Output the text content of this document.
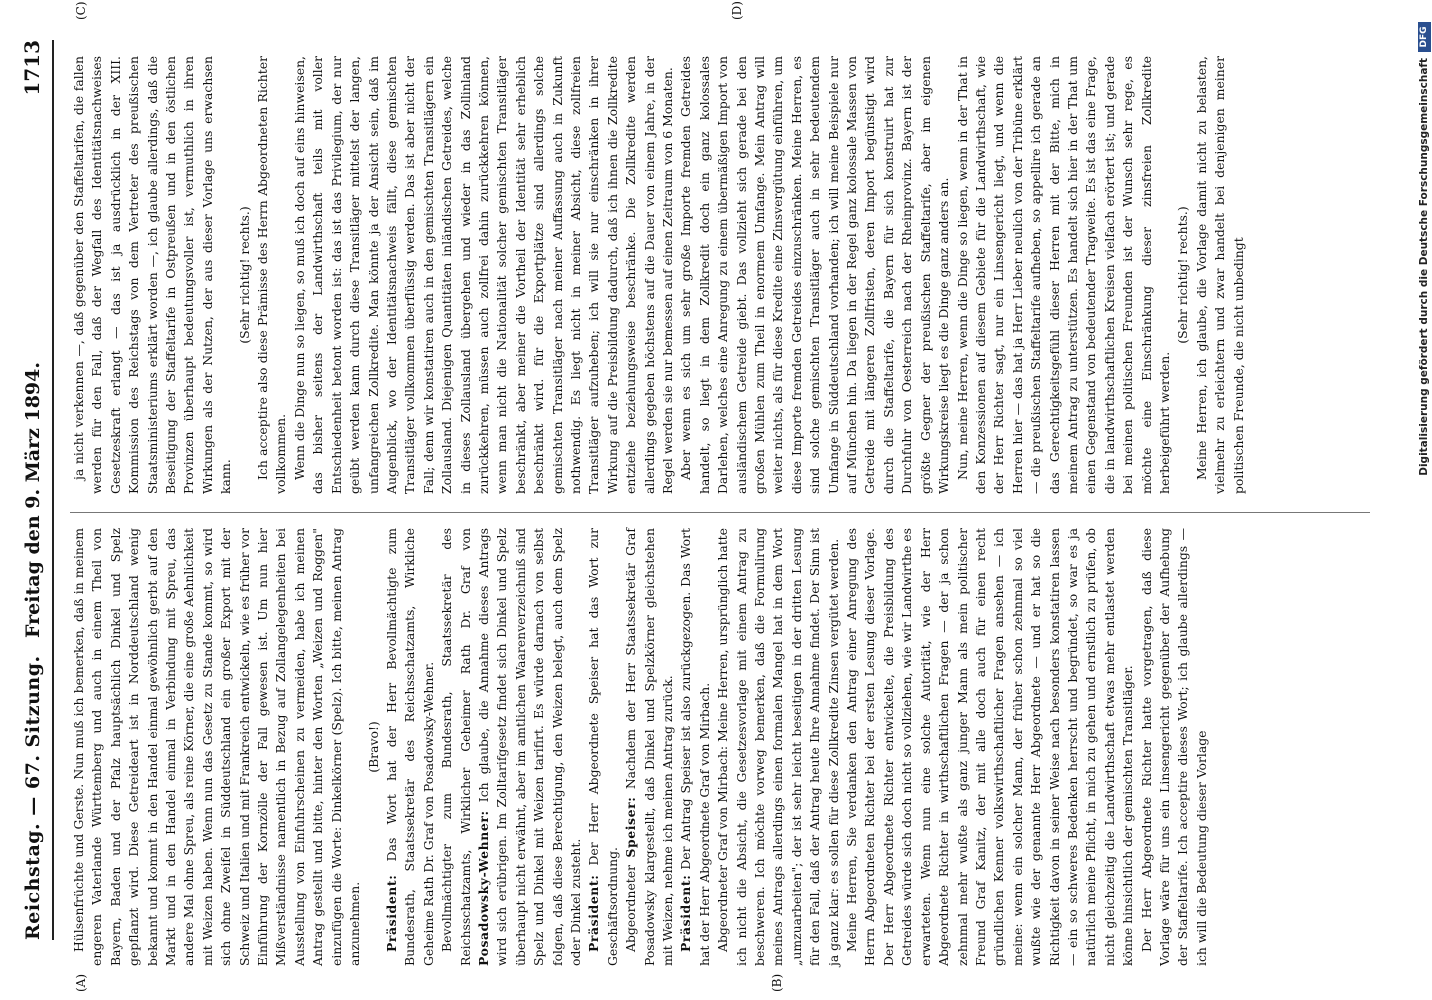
Reichstag. — 67. Sitzung.
Freitag den 9. März 1894.
1713
(A)	(B)
(C)	(D)

Hülsenfrüchte und Gerste. Nun muß ich bemerken, daß in meinem engeren Vaterlande Württemberg und auch in einem Theil von Bayern, Baden und der Pfalz hauptsächlich Dinkel und Spelz gepflanzt wird. Diese Getreideart ist in Norddeutschland wenig bekannt und kommt in den Handel einmal gewöhnlich gerbt auf den Markt und in den Handel einmal in Verbindung mit Spreu, das andere Mal ohne Spreu, als reine Körner, die eine große Aehnlichkeit mit Weizen haben. Wenn nun das Gesetz zu Stande kommt, so wird sich ohne Zweifel in Süddeutschland ein großer Export mit der Schweiz und Italien und mit Frankreich entwickeln, wie es früher vor Einführung der Kornzölle der Fall gewesen ist. Um nun hier Mißverständnisse namentlich in Bezug auf Zollangelegenheiten bei Ausstellung von Einfuhrscheinen zu vermeiden, habe ich meinen Antrag gestellt und bitte, hinter den Worten „Weizen und Roggen" einzufügen die Worte: Dinkelkörner (Spelz). Ich bitte, meinen Antrag anzunehmen.

(Bravo!)

Präsident: Das Wort hat der Herr Bevollmächtigte zum Bundesrath, Staatssekretär des Reichsschatzamts, Wirkliche Geheime Rath Dr. Graf von Posadowsky-Wehner. Bevollmächtigter zum Bundesrath, Staatssekretär des Reichsschatzamts, Wirklicher Geheimer Rath Dr. Graf von Posadowsky-Wehner: Ich glaube, die Annahme dieses Antrags wird sich erübrigen. Im Zolltarifgesetz findet sich Dinkel und Spelz überhaupt nicht erwähnt, aber im amtlichen Waarenverzeichniß sind Spelz und Dinkel mit Weizen tarifirt. Es würde darnach von selbst folgen, daß diese Berechtigung, den Weizen belegt, auch dem Spelz oder Dinkel zusteht. Präsident: Der Herr Abgeordnete Speiser hat das Wort zur Geschäftsordnung. Abgeordneter Speiser: Nachdem der Herr Staatssekretär Graf Posadowsky klargestellt, daß Dinkel und Spelzkörner gleichstehen mit Weizen, nehme ich meinen Antrag zurück. Präsident: Der Antrag Speiser ist also zurückgezogen. Das Wort hat der Herr Abgeordnete Graf von Mirbach. Abgeordneter Graf von Mirbach: Meine Herren, ursprünglich hatte ich nicht die Absicht, die Gesetzesvorlage mit einem Antrag zu beschweren. Ich möchte vorweg bemerken, daß die Formulirung meines Antrags allerdings einen formalen Mangel hat in dem Wort „umzuarbeiten"; der ist sehr leicht beseitigen in der dritten Lesung für den Fall, daß der Antrag heute Ihre Annahme findet. Der Sinn ist ja ganz klar: es sollen für diese Zollkredite Zinsen vergütet werden. Meine Herren, Sie verdanken den Antrag einer Anregung des Herrn Abgeordneten Richter bei der ersten Lesung dieser Vorlage. Der Herr Abgeordnete Richter entwickelte, die Preisbildung des Getreides würde sich doch nicht so vollziehen, wie wir Landwirthe es erwarteten. Wenn nun eine solche Autorität, wie der Herr Abgeordnete Richter in wirthschaftlichen Fragen — der ja schon zehnmal mehr wußte als ganz junger Mann als mein politischer Freund Graf Kanitz, der mit alle doch auch für einen recht gründlichen Kenner volkswirthschaftlicher Fragen ansehen — ich meine: wenn ein solcher Mann, der früher schon zehnmal so viel wußte wie der genannte Herr Abgeordnete — und er hat so die Richtigkeit davon in seiner Weise nach besonders konstatiren lassen — ein so schweres Bedenken herrscht und begründet, so war es ja natürlich meine Pflicht, in mich zu gehen und ernstlich zu prüfen, ob nicht gleichzeitig die Landwirthschaft etwas mehr entlastet werden könne hinsichtlich der gemischten Transitläger. Der Herr Abgeordnete Richter hatte vorgetragen, daß diese Vorlage wäre für uns ein Linsengericht gegenüber der Aufhebung der Staffeltarife. Ich acceptire dieses Wort; ich glaube allerdings — ich will die Bedeutung dieser Vorlage

ja nicht verkennen —, daß gegenüber den Staffeltarifen, die fallen werden für den Fall, daß der Wegfall des Identitätsnachweises Gesetzeskraft erlangt — das ist ja ausdrücklich in der XIII. Kommission des Reichstags von dem Vertreter des preußischen Staatsministeriums erklärt worden —, ich glaube allerdings, daß die Beseitigung der Staffeltarife in Ostpreußen und in den östlichen Provinzen überhaupt bedeutungsvoller ist, vermuthlich in ihren Wirkungen als der Nutzen, der aus dieser Vorlage uns erwachsen kann.

(Sehr richtig! rechts.) Ich acceptire also diese Prämisse des Herrn Abgeordneten Richter vollkommen. Wenn die Dinge nun so liegen, so muß ich doch auf eins hinweisen, das bisher seitens der Landwirthschaft teils mit voller Entschiedenheit betont worden ist: das ist das Privilegium, der nur geübt werden kann durch diese Transitläger mittelst der langen, unfangreichen Zollkredite. Man könnte ja der Ansicht sein, daß im Augenblick, wo der Identitätsnachweis fällt, diese gemischten Transitläger vollkommen überflüssig werden. Das ist aber nicht der Fall; denn wir konstatiren auch in den gemischten Transitlägern ein Zollausland. Diejenigen Quantitäten inländischen Getreides, welche in dieses Zollausland übergehen und wieder in das Zollinland zurückkehren, müssen auch zollfrei dahin zurückkehren können, wenn man nicht die Nationalität solcher gemischten Transitläger beschränkt, aber meiner die Vortheil der Identität sehr erheblich beschränkt wird. für die Exportplätze sind allerdings solche gemischten Transitläger nach meiner Auffassung auch in Zukunft nothwendig. Es liegt nicht in meiner Absicht, diese zollfreien Transitläger aufzuheben; ich will sie nur einschränken in ihrer Wirkung auf die Preisbildung dadurch, daß ich ihnen die Zollkredite entziehe beziehungsweise beschränke. Die Zollkredite werden allerdings gegeben höchstens auf die Dauer von einem Jahre, in der Regel werden sie nur bemessen auf einen Zeitraum von 6 Monaten. Aber wenn es sich um sehr große Importe fremden Getreides handelt, so liegt in dem Zollkredit doch ein ganz kolossales Darlehen, welches eine Anregung zu einem übermäßigen Import von ausländischem Getreide giebt. Das vollzieht sich gerade bei den großen Mühlen zum Theil in enormem Umfange. Mein Antrag will weiter nichts, als für diese Kredite eine Zinsvergütung einführen, um diese Importe fremden Getreides einzuschränken. Meine Herren, es sind solche gemischten Transitläger auch in sehr bedeutendem Umfange in Süddeutschland vorhanden; ich will meine Beispiele nur auf München hin. Da liegen in der Regel ganz kolossale Massen von Getreide mit längeren Zollfristen, deren Import begünstigt wird durch die Staffeltarife, die Bayern für sich konstruirt hat zur Durchfuhr von Oesterreich nach der Rheinprovinz. Bayern ist der größte Gegner der preußischen Staffeltarife, aber im eigenen Wirkungskreise liegt es die Dinge ganz anders an. Nun, meine Herren, wenn die Dinge so liegen, wenn in der That in den Konzessionen auf diesem Gebiete für die Landwirthschaft, wie der Herr Richter sagt, nur ein Linsengericht liegt, und wenn die Herren hier — das hat ja Herr Lieber neulich von der Tribüne erklärt — die preußischen Staffeltarife aufheben, so appellire ich gerade an das Gerechtigkeitsgefühl dieser Herren mit der Bitte, mich in meinem Antrag zu unterstützen. Es handelt sich hier in der That um einen Gegenstand von bedeutender Tragweite. Es ist das eine Frage, die in landwirthschaftlichen Kreisen vielfach erörtert ist; und gerade bei meinen politischen Freunden ist der Wunsch sehr rege, es möchte eine Einschränkung dieser zinsfreien Zollkredite herbeigeführt werden.

(Sehr richtig! rechts.) Meine Herren, ich glaube, die Vorlage damit nicht zu belasten, vielmehr zu erleichtern und zwar handelt bei denjenigen meiner politischen Freunde, die nicht unbedingt	Digitalisierung gefördert durch die Deutsche Forschungsgemeinschaft
DFG
